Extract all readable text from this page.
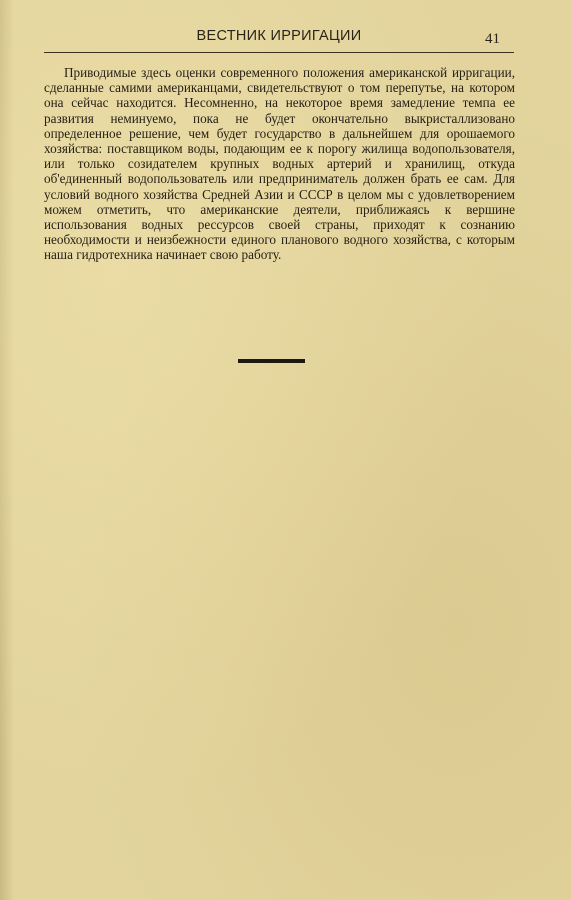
ВЕСТНИК ИРРИГАЦИИ	41

Приводимые здесь оценки современного положения американской ирригации, сделанные самими американцами, свидетельствуют о том перепутье, на котором она сейчас находится. Несомненно, на некоторое время замедление темпа ее развития неминуемо, пока не будет окончательно выкристаллизовано определенное решение, чем будет государство в дальнейшем для орошаемого хозяйства: поставщиком воды, подающим ее к порогу жилища водопользователя, или только созидателем крупных водных артерий и хранилищ, откуда об'единенный водопользователь или предприниматель должен брать ее сам. Для условий водного хозяйства Средней Азии и СССР в целом мы с удовлетворением можем отметить, что американские деятели, приближаясь к вершине использования водных рессурсов своей страны, приходят к сознанию необходимости и неизбежности единого планового водного хозяйства, с которым наша гидротехника начинает свою работу.
